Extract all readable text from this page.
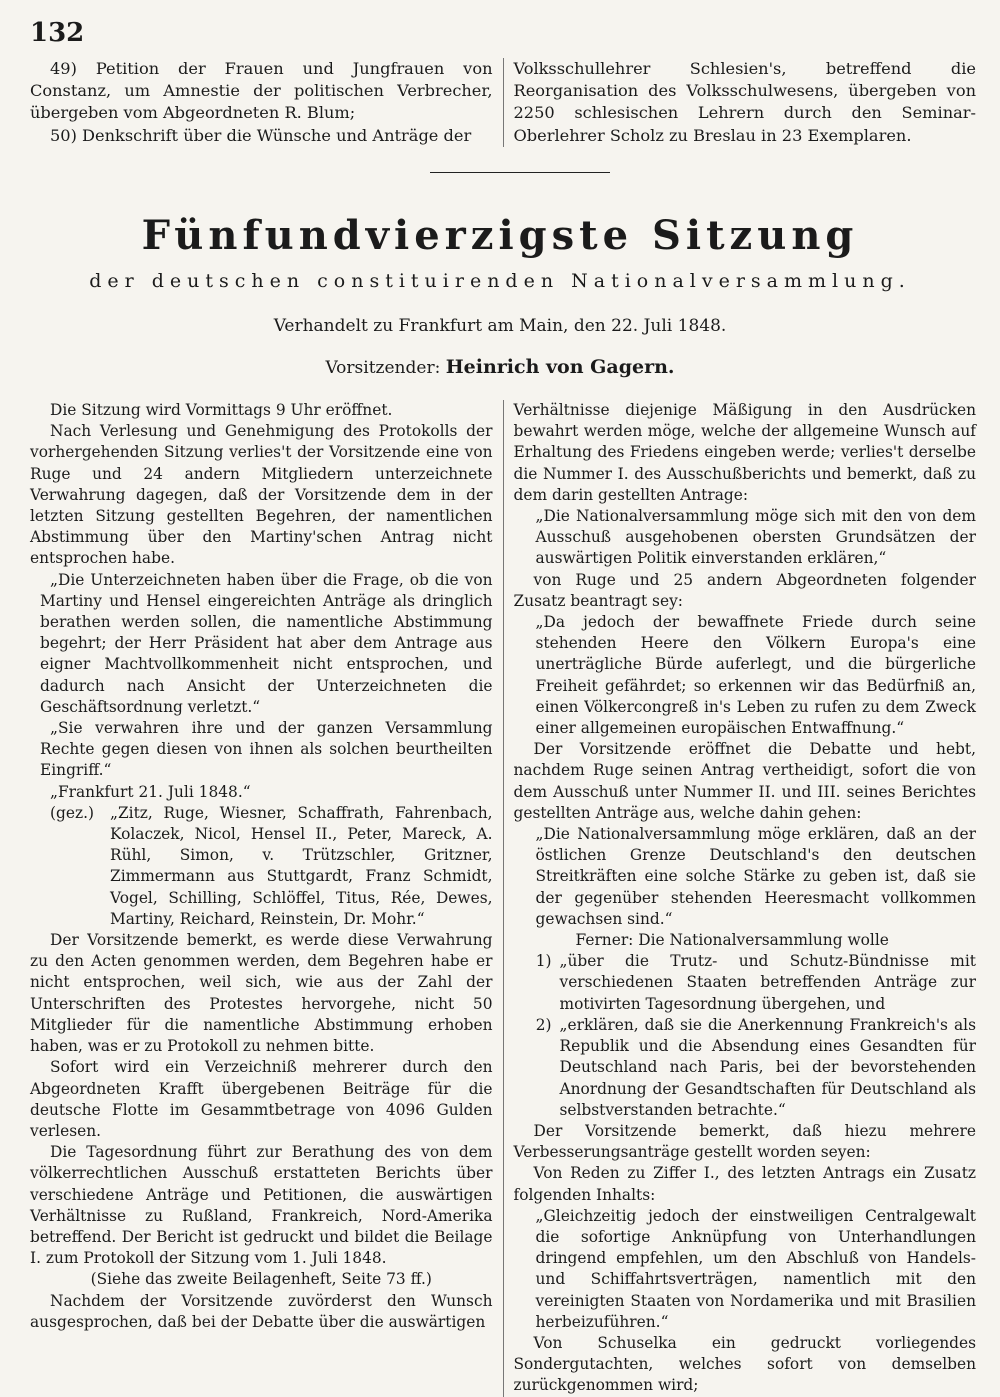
132

49) Petition der Frauen und Jungfrauen von Constanz, um Amnestie der politischen Verbrecher, übergeben vom Abgeordneten R. Blum;

50) Denkschrift über die Wünsche und Anträge der

Volksschullehrer Schlesien's, betreffend die Reorganisation des Volksschulwesens, übergeben von 2250 schlesischen Lehrern durch den Seminar-Oberlehrer Scholz zu Breslau in 23 Exemplaren.

Fünfundvierzigste Sitzung
der deutschen constituirenden Nationalversammlung.
Verhandelt zu Frankfurt am Main, den 22. Juli 1848.
Vorsitzender: Heinrich von Gagern.

Die Sitzung wird Vormittags 9 Uhr eröffnet.

Nach Verlesung und Genehmigung des Protokolls der vorhergehenden Sitzung verlies't der Vorsitzende eine von Ruge und 24 andern Mitgliedern unterzeichnete Verwahrung dagegen, daß der Vorsitzende dem in der letzten Sitzung gestellten Begehren, der namentlichen Abstimmung über den Martiny'schen Antrag nicht entsprochen habe.

„Die Unterzeichneten haben über die Frage, ob die von Martiny und Hensel eingereichten Anträge als dringlich berathen werden sollen, die namentliche Abstimmung begehrt; der Herr Präsident hat aber dem Antrage aus eigner Machtvollkommenheit nicht entsprochen, und dadurch nach Ansicht der Unterzeichneten die Geschäftsordnung verletzt.“

„Sie verwahren ihre und der ganzen Versammlung Rechte gegen diesen von ihnen als solchen beurtheilten Eingriff.“

„Frankfurt 21. Juli 1848.“

(gez.)	„Zitz, Ruge, Wiesner, Schaffrath, Fahrenbach, Kolaczek, Nicol, Hensel II., Peter, Mareck, A. Rühl, Simon, v. Trützschler, Gritzner, Zimmermann aus Stuttgardt, Franz Schmidt, Vogel, Schilling, Schlöffel, Titus, Rée, Dewes, Martiny, Reichard, Reinstein, Dr. Mohr.“

Der Vorsitzende bemerkt, es werde diese Verwahrung zu den Acten genommen werden, dem Begehren habe er nicht entsprochen, weil sich, wie aus der Zahl der Unterschriften des Protestes hervorgehe, nicht 50 Mitglieder für die namentliche Abstimmung erhoben haben, was er zu Protokoll zu nehmen bitte.

Sofort wird ein Verzeichniß mehrerer durch den Abgeordneten Krafft übergebenen Beiträge für die deutsche Flotte im Gesammtbetrage von 4096 Gulden verlesen.

Die Tagesordnung führt zur Berathung des von dem völkerrechtlichen Ausschuß erstatteten Berichts über verschiedene Anträge und Petitionen, die auswärtigen Verhältnisse zu Rußland, Frankreich, Nord-Amerika betreffend. Der Bericht ist gedruckt und bildet die Beilage I. zum Protokoll der Sitzung vom 1. Juli 1848.

(Siehe das zweite Beilagenheft, Seite 73 ff.)

Nachdem der Vorsitzende zuvörderst den Wunsch ausgesprochen, daß bei der Debatte über die auswärtigen

Verhältnisse diejenige Mäßigung in den Ausdrücken bewahrt werden möge, welche der allgemeine Wunsch auf Erhaltung des Friedens eingeben werde; verlies't derselbe die Nummer I. des Ausschußberichts und bemerkt, daß zu dem darin gestellten Antrage:

„Die Nationalversammlung möge sich mit den von dem Ausschuß ausgehobenen obersten Grundsätzen der auswärtigen Politik einverstanden erklären,“

von Ruge und 25 andern Abgeordneten folgender Zusatz beantragt sey:

„Da jedoch der bewaffnete Friede durch seine stehenden Heere den Völkern Europa's eine unerträgliche Bürde auferlegt, und die bürgerliche Freiheit gefährdet; so erkennen wir das Bedürfniß an, einen Völkercongreß in's Leben zu rufen zu dem Zweck einer allgemeinen europäischen Entwaffnung.“

Der Vorsitzende eröffnet die Debatte und hebt, nachdem Ruge seinen Antrag vertheidigt, sofort die von dem Ausschuß unter Nummer II. und III. seines Berichtes gestellten Anträge aus, welche dahin gehen:

„Die Nationalversammlung möge erklären, daß an der östlichen Grenze Deutschland's den deutschen Streitkräften eine solche Stärke zu geben ist, daß sie der gegenüber stehenden Heeresmacht vollkommen gewachsen sind.“

Ferner: Die Nationalversammlung wolle

1) „über die Trutz- und Schutz-Bündnisse mit verschiedenen Staaten betreffenden Anträge zur motivirten Tagesordnung übergehen, und
2) „erklären, daß sie die Anerkennung Frankreich's als Republik und die Absendung eines Gesandten für Deutschland nach Paris, bei der bevorstehenden Anordnung der Gesandtschaften für Deutschland als selbstverstanden betrachte.“

Der Vorsitzende bemerkt, daß hiezu mehrere Verbesserungsanträge gestellt worden seyen:

Von Reden zu Ziffer I., des letzten Antrags ein Zusatz folgenden Inhalts:

„Gleichzeitig jedoch der einstweiligen Centralgewalt die sofortige Anknüpfung von Unterhandlungen dringend empfehlen, um den Abschluß von Handels- und Schiffahrtsverträgen, namentlich mit den vereinigten Staaten von Nordamerika und mit Brasilien herbeizuführen.“

Von Schuselka ein gedruckt vorliegendes Sondergutachten, welches sofort von demselben zurückgenommen wird;
